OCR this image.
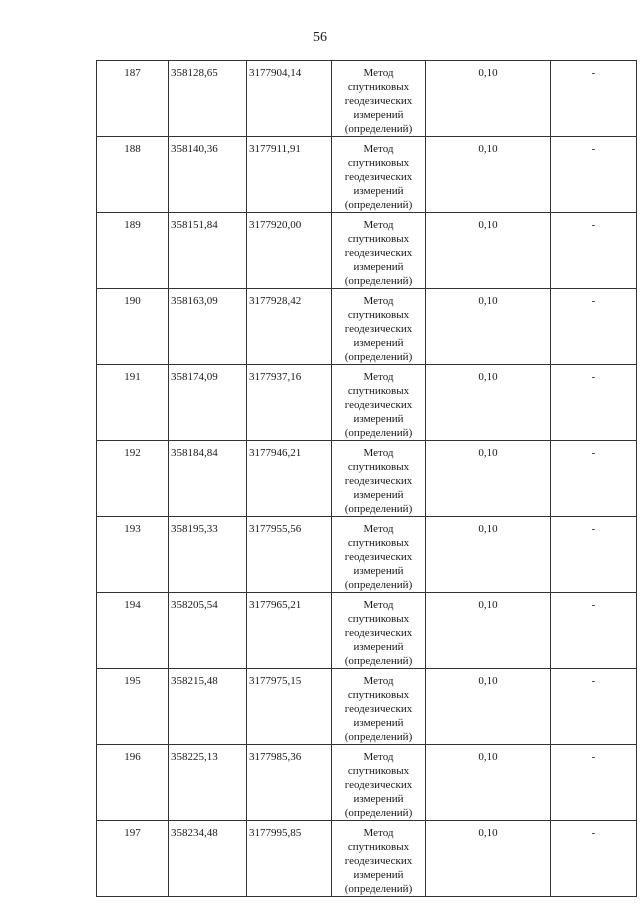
56
187	358128,65	3177904,14	Метод спутниковых геодезических измерений (определений)	0,10	-
188	358140,36	3177911,91	Метод спутниковых геодезических измерений (определений)	0,10	-
189	358151,84	3177920,00	Метод спутниковых геодезических измерений (определений)	0,10	-
190	358163,09	3177928,42	Метод спутниковых геодезических измерений (определений)	0,10	-
191	358174,09	3177937,16	Метод спутниковых геодезических измерений (определений)	0,10	-
192	358184,84	3177946,21	Метод спутниковых геодезических измерений (определений)	0,10	-
193	358195,33	3177955,56	Метод спутниковых геодезических измерений (определений)	0,10	-
194	358205,54	3177965,21	Метод спутниковых геодезических измерений (определений)	0,10	-
195	358215,48	3177975,15	Метод спутниковых геодезических измерений (определений)	0,10	-
196	358225,13	3177985,36	Метод спутниковых геодезических измерений (определений)	0,10	-
197	358234,48	3177995,85	Метод спутниковых геодезических измерений (определений)	0,10	-
